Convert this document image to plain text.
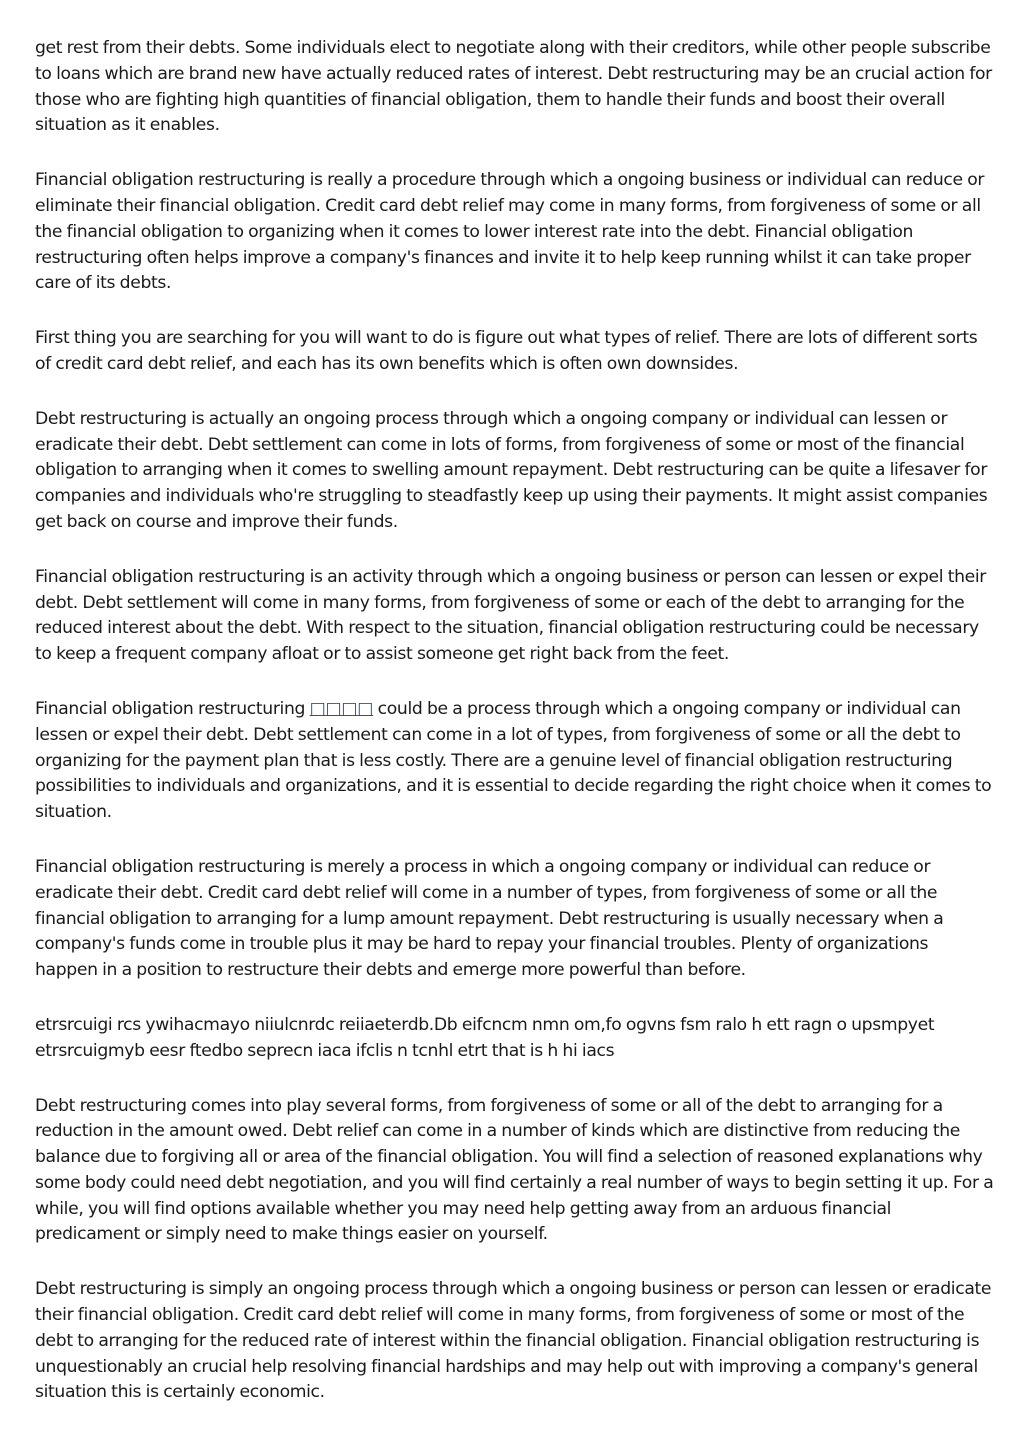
get rest from their debts. Some individuals elect to negotiate along with their creditors, while other people subscribe to loans which are brand new have actually reduced rates of interest. Debt restructuring may be an crucial action for those who are fighting high quantities of financial obligation, them to handle their funds and boost their overall situation as it enables.

Financial obligation restructuring is really a procedure through which a ongoing business or individual can reduce or eliminate their financial obligation. Credit card debt relief may come in many forms, from forgiveness of some or all the financial obligation to organizing when it comes to lower interest rate into the debt. Financial obligation restructuring often helps improve a company's finances and invite it to help keep running whilst it can take proper care of its debts.

First thing you are searching for you will want to do is figure out what types of relief. There are lots of different sorts of credit card debt relief, and each has its own benefits which is often own downsides.

Debt restructuring is actually an ongoing process through which a ongoing company or individual can lessen or eradicate their debt. Debt settlement can come in lots of forms, from forgiveness of some or most of the financial obligation to arranging when it comes to swelling amount repayment. Debt restructuring can be quite a lifesaver for companies and individuals who're struggling to steadfastly keep up using their payments. It might assist companies get back on course and improve their funds.

Financial obligation restructuring is an activity through which a ongoing business or person can lessen or expel their debt. Debt settlement will come in many forms, from forgiveness of some or each of the debt to arranging for the reduced interest about the debt. With respect to the situation, financial obligation restructuring could be necessary to keep a frequent company afloat or to assist someone get right back from the feet.

Financial obligation restructuring □□□□ could be a process through which a ongoing company or individual can lessen or expel their debt. Debt settlement can come in a lot of types, from forgiveness of some or all the debt to organizing for the payment plan that is less costly. There are a genuine level of financial obligation restructuring possibilities to individuals and organizations, and it is essential to decide regarding the right choice when it comes to situation.

Financial obligation restructuring is merely a process in which a ongoing company or individual can reduce or eradicate their debt. Credit card debt relief will come in a number of types, from forgiveness of some or all the financial obligation to arranging for a lump amount repayment. Debt restructuring is usually necessary when a company's funds come in trouble plus it may be hard to repay your financial troubles. Plenty of organizations happen in a position to restructure their debts and emerge more powerful than before.

etrsrcuigi rcs ywihacmayo niiulcnrdc reiiaeterdb.Db eifcncm nmn om,fo ogvns fsm ralo h ett ragn o upsmpyet etrsrcuigmyb eesr ftedbo seprecn iaca ifclis n tcnhl etrt that is h hi iacs

Debt restructuring comes into play several forms, from forgiveness of some or all of the debt to arranging for a reduction in the amount owed. Debt relief can come in a number of kinds which are distinctive from reducing the balance due to forgiving all or area of the financial obligation. You will find a selection of reasoned explanations why some body could need debt negotiation, and you will find certainly a real number of ways to begin setting it up. For a while, you will find options available whether you may need help getting away from an arduous financial predicament or simply need to make things easier on yourself.

Debt restructuring is simply an ongoing process through which a ongoing business or person can lessen or eradicate their financial obligation. Credit card debt relief will come in many forms, from forgiveness of some or most of the debt to arranging for the reduced rate of interest within the financial obligation. Financial obligation restructuring is unquestionably an crucial help resolving financial hardships and may help out with improving a company's general situation this is certainly economic.
